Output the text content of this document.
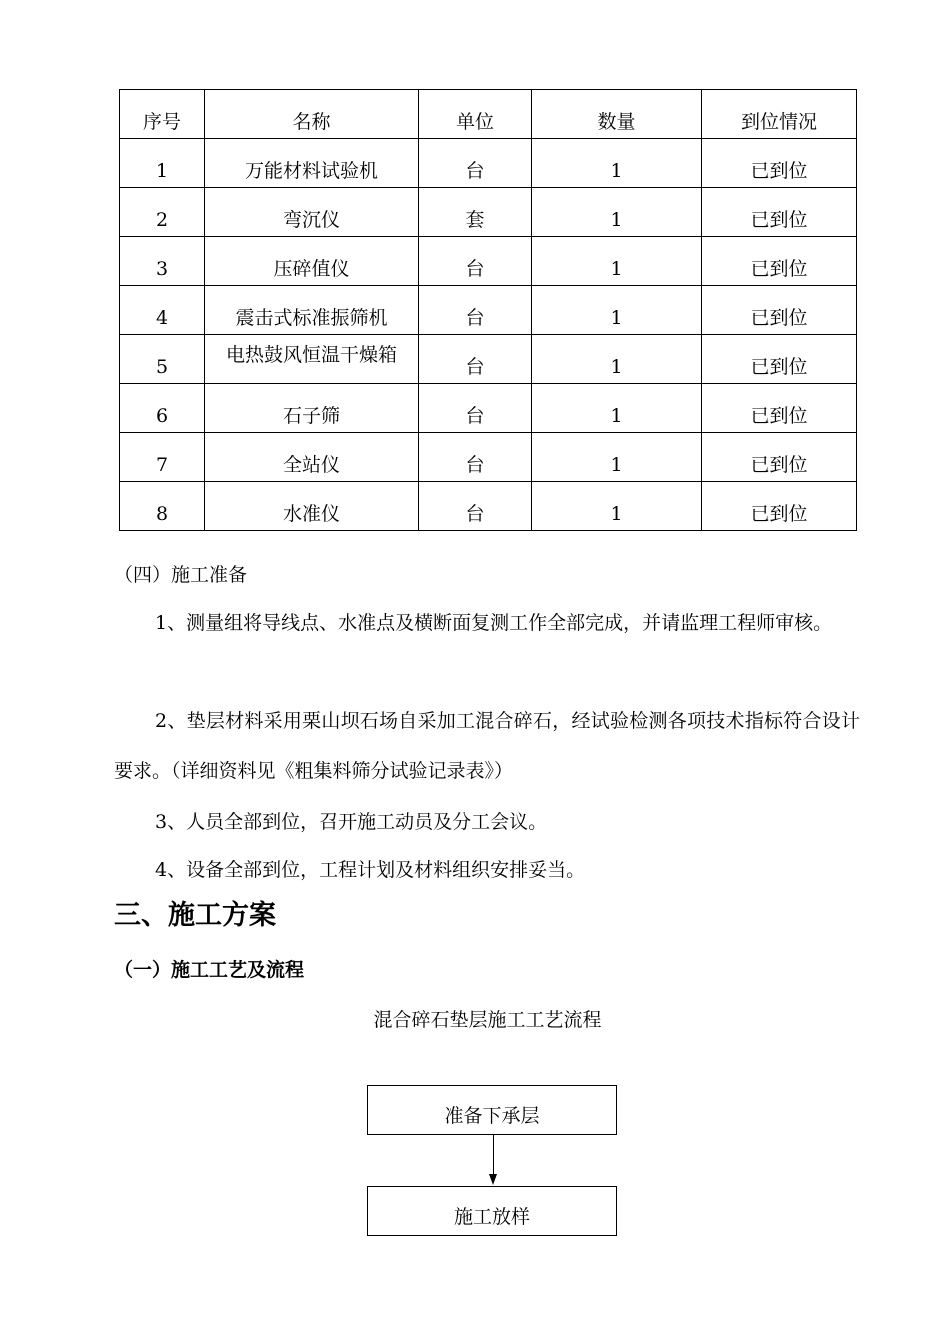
序号	名称	单位	数量	到位情况
1	万能材料试验机	台	1	已到位
2	弯沉仪	套	1	已到位
3	压碎值仪	台	1	已到位
4	震击式标准振筛机	台	1	已到位
5	电热鼓风恒温干燥箱	台	1	已到位
6	石子筛	台	1	已到位
7	全站仪	台	1	已到位
8	水准仪	台	1	已到位

（四）施工准备

1、测量组将导线点、水准点及横断面复测工作全部完成，并请监理工程师审核。

2、垫层材料采用栗山坝石场自采加工混合碎石，经试验检测各项技术指标符合设计要求。（详细资料见《粗集料筛分试验记录表》）

3、人员全部到位，召开施工动员及分工会议。

4、设备全部到位，工程计划及材料组织安排妥当。

三、施工方案
（一）施工工艺及流程

混合碎石垫层施工工艺流程

准备下承层
施工放样
